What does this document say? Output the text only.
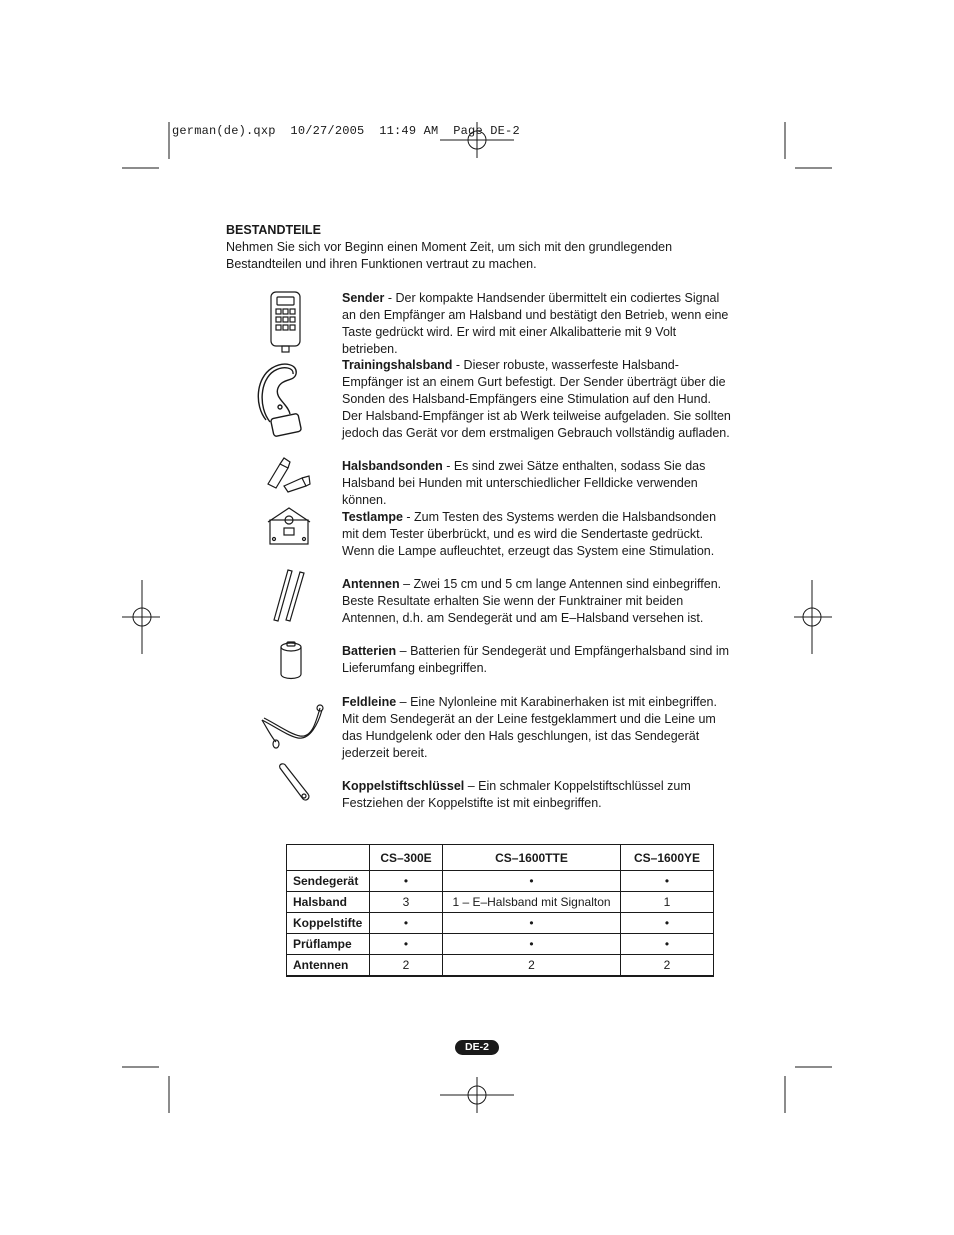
german(de).qxp  10/27/2005  11:49 AM  Page DE-2

BESTANDTEILE

Nehmen Sie sich vor Beginn einen Moment Zeit, um sich mit den grundlegenden Bestandteilen und ihren Funktionen vertraut zu machen.

Sender - Der kompakte Handsender übermittelt ein codiertes Signal an den Empfänger am Halsband und bestätigt den Betrieb, wenn eine Taste gedrückt wird. Er wird mit einer Alkalibatterie mit 9 Volt betrieben.
Trainingshalsband - Dieser robuste, wasserfeste Halsband-Empfänger ist an einem Gurt befestigt. Der Sender überträgt über die Sonden des Halsband-Empfängers eine Stimulation auf den Hund. Der Halsband-Empfänger ist ab Werk teilweise aufgeladen. Sie sollten jedoch das Gerät vor dem erstmaligen Gebrauch vollständig aufladen.
Halsbandsonden - Es sind zwei Sätze enthalten, sodass Sie das Halsband bei Hunden mit unterschiedlicher Felldicke verwenden können.
Testlampe - Zum Testen des Systems werden die Halsbandsonden mit dem Tester überbrückt, und es wird die Sendertaste gedrückt. Wenn die Lampe aufleuchtet, erzeugt das System eine Stimulation.
Antennen – Zwei 15 cm und 5 cm lange Antennen sind einbegriffen. Beste Resultate erhalten Sie wenn der Funktrainer mit beiden Antennen, d.h. am Sendegerät und am E–Halsband versehen ist.
Batterien – Batterien für Sendegerät und Empfängerhalsband sind im Lieferumfang einbegriffen.
Feldleine – Eine Nylonleine mit Karabinerhaken ist mit einbegriffen. Mit dem Sendegerät an der Leine festgeklammert und die Leine um das Hundgelenk oder den Hals geschlungen, ist das Sendegerät jederzeit bereit.
Koppelstiftschlüssel – Ein schmaler Koppelstiftschlüssel zum Festziehen der Koppelstifte ist mit einbegriffen.
	CS–300E	CS–1600TTE	CS–1600YE
Sendegerät	•	•	•
Halsband	3	1 – E–Halsband mit Signalton	1
Koppelstifte	•	•	•
Prüflampe	•	•	•
Antennen	2	2	2
DE-2
